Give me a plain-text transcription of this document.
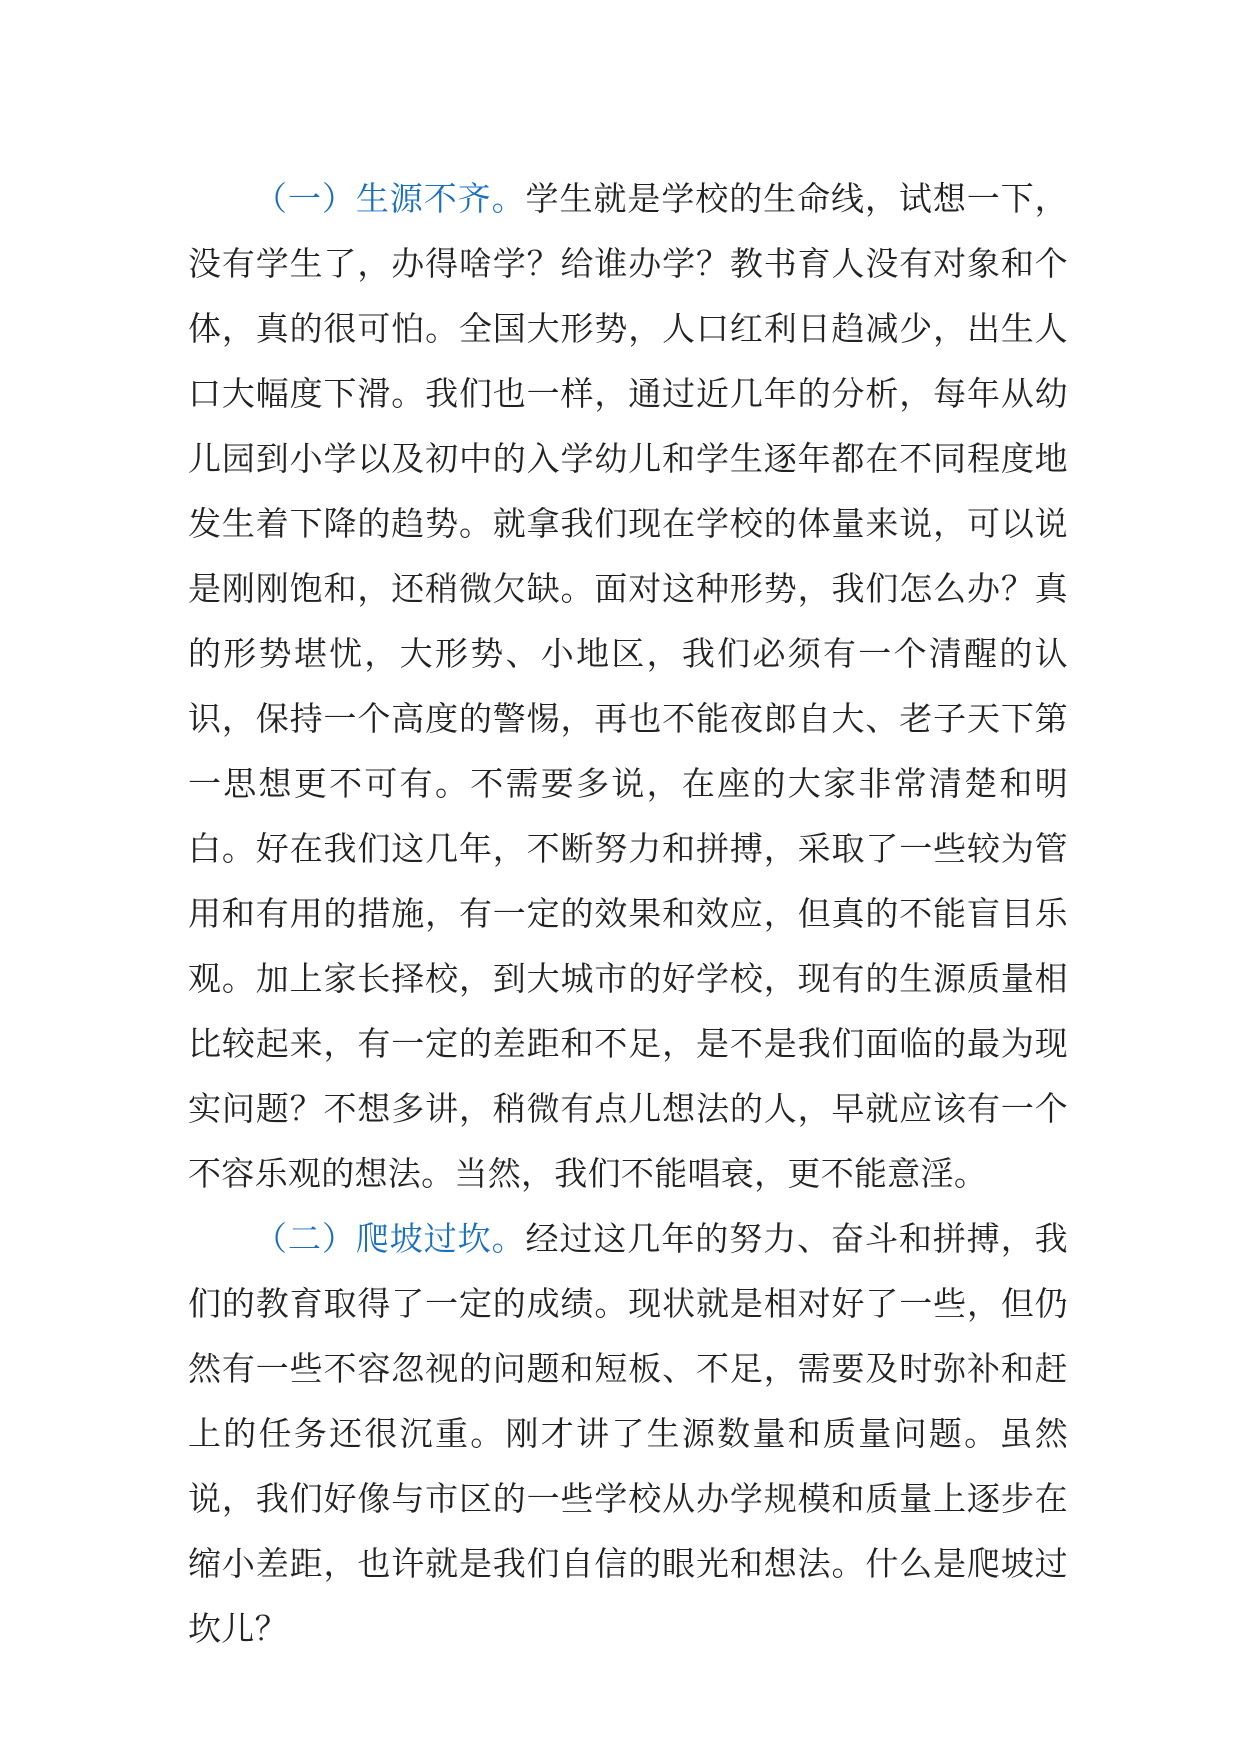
（一）生源不齐。学生就是学校的生命线，试想一下，没有学生了，办得啥学？给谁办学？教书育人没有对象和个体，真的很可怕。全国大形势，人口红利日趋减少，出生人口大幅度下滑。我们也一样，通过近几年的分析，每年从幼儿园到小学以及初中的入学幼儿和学生逐年都在不同程度地发生着下降的趋势。就拿我们现在学校的体量来说，可以说是刚刚饱和，还稍微欠缺。面对这种形势，我们怎么办？真的形势堪忧，大形势、小地区，我们必须有一个清醒的认识，保持一个高度的警惕，再也不能夜郎自大、老子天下第一思想更不可有。不需要多说，在座的大家非常清楚和明白。好在我们这几年，不断努力和拼搏，采取了一些较为管用和有用的措施，有一定的效果和效应，但真的不能盲目乐观。加上家长择校，到大城市的好学校，现有的生源质量相比较起来，有一定的差距和不足，是不是我们面临的最为现实问题？不想多讲，稍微有点儿想法的人，早就应该有一个不容乐观的想法。当然，我们不能唱衰，更不能意淫。

（二）爬坡过坎。经过这几年的努力、奋斗和拼搏，我们的教育取得了一定的成绩。现状就是相对好了一些，但仍然有一些不容忽视的问题和短板、不足，需要及时弥补和赶上的任务还很沉重。刚才讲了生源数量和质量问题。虽然说，我们好像与市区的一些学校从办学规模和质量上逐步在缩小差距，也许就是我们自信的眼光和想法。什么是爬坡过坎儿？
